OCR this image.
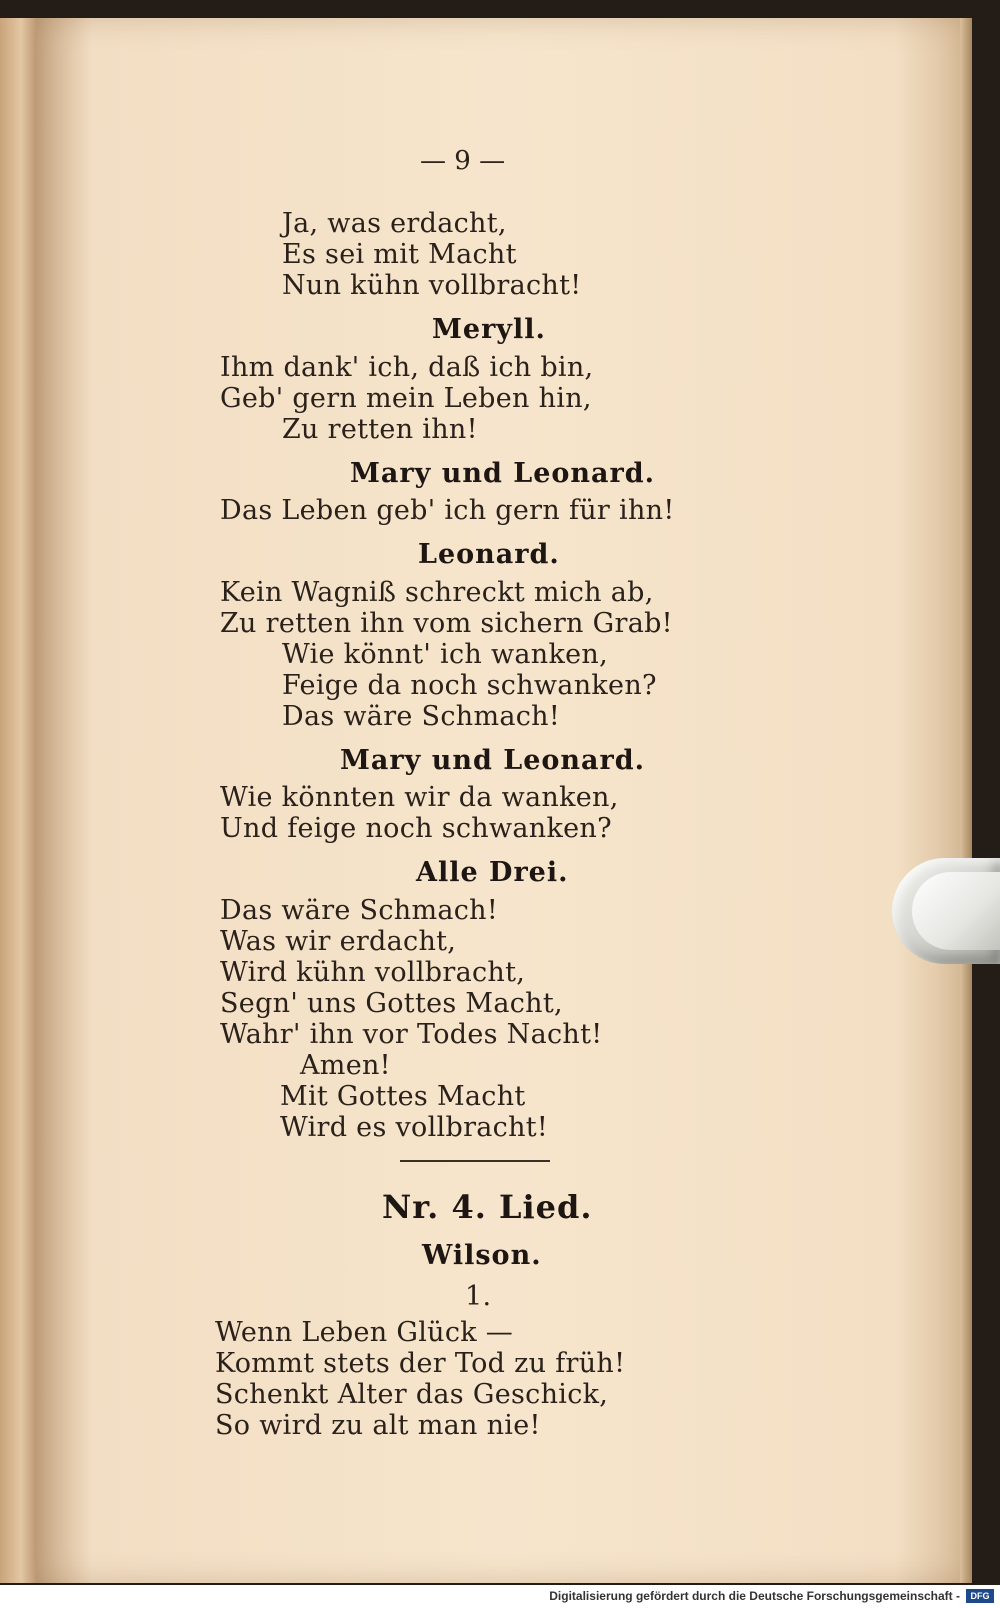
— 9 —
Ja, was erdacht,
Es sei mit Macht
Nun kühn vollbracht!
Meryll.
Ihm dank' ich, daß ich bin,
Geb' gern mein Leben hin,
Zu retten ihn!
Mary und Leonard.
Das Leben geb' ich gern für ihn!
Leonard.
Kein Wagniß schreckt mich ab,
Zu retten ihn vom sichern Grab!
Wie könnt' ich wanken,
Feige da noch schwanken?
Das wäre Schmach!
Mary und Leonard.
Wie könnten wir da wanken,
Und feige noch schwanken?
Alle Drei.
Das wäre Schmach!
Was wir erdacht,
Wird kühn vollbracht,
Segn' uns Gottes Macht,
Wahr' ihn vor Todes Nacht!
Amen!
Mit Gottes Macht
Wird es vollbracht!
Nr. 4. Lied.
Wilson.
1.
Wenn Leben Glück —
Kommt stets der Tod zu früh!
Schenkt Alter das Geschick,
So wird zu alt man nie!
Digitalisierung gefördert durch die Deutsche Forschungsgemeinschaft -	DFG
